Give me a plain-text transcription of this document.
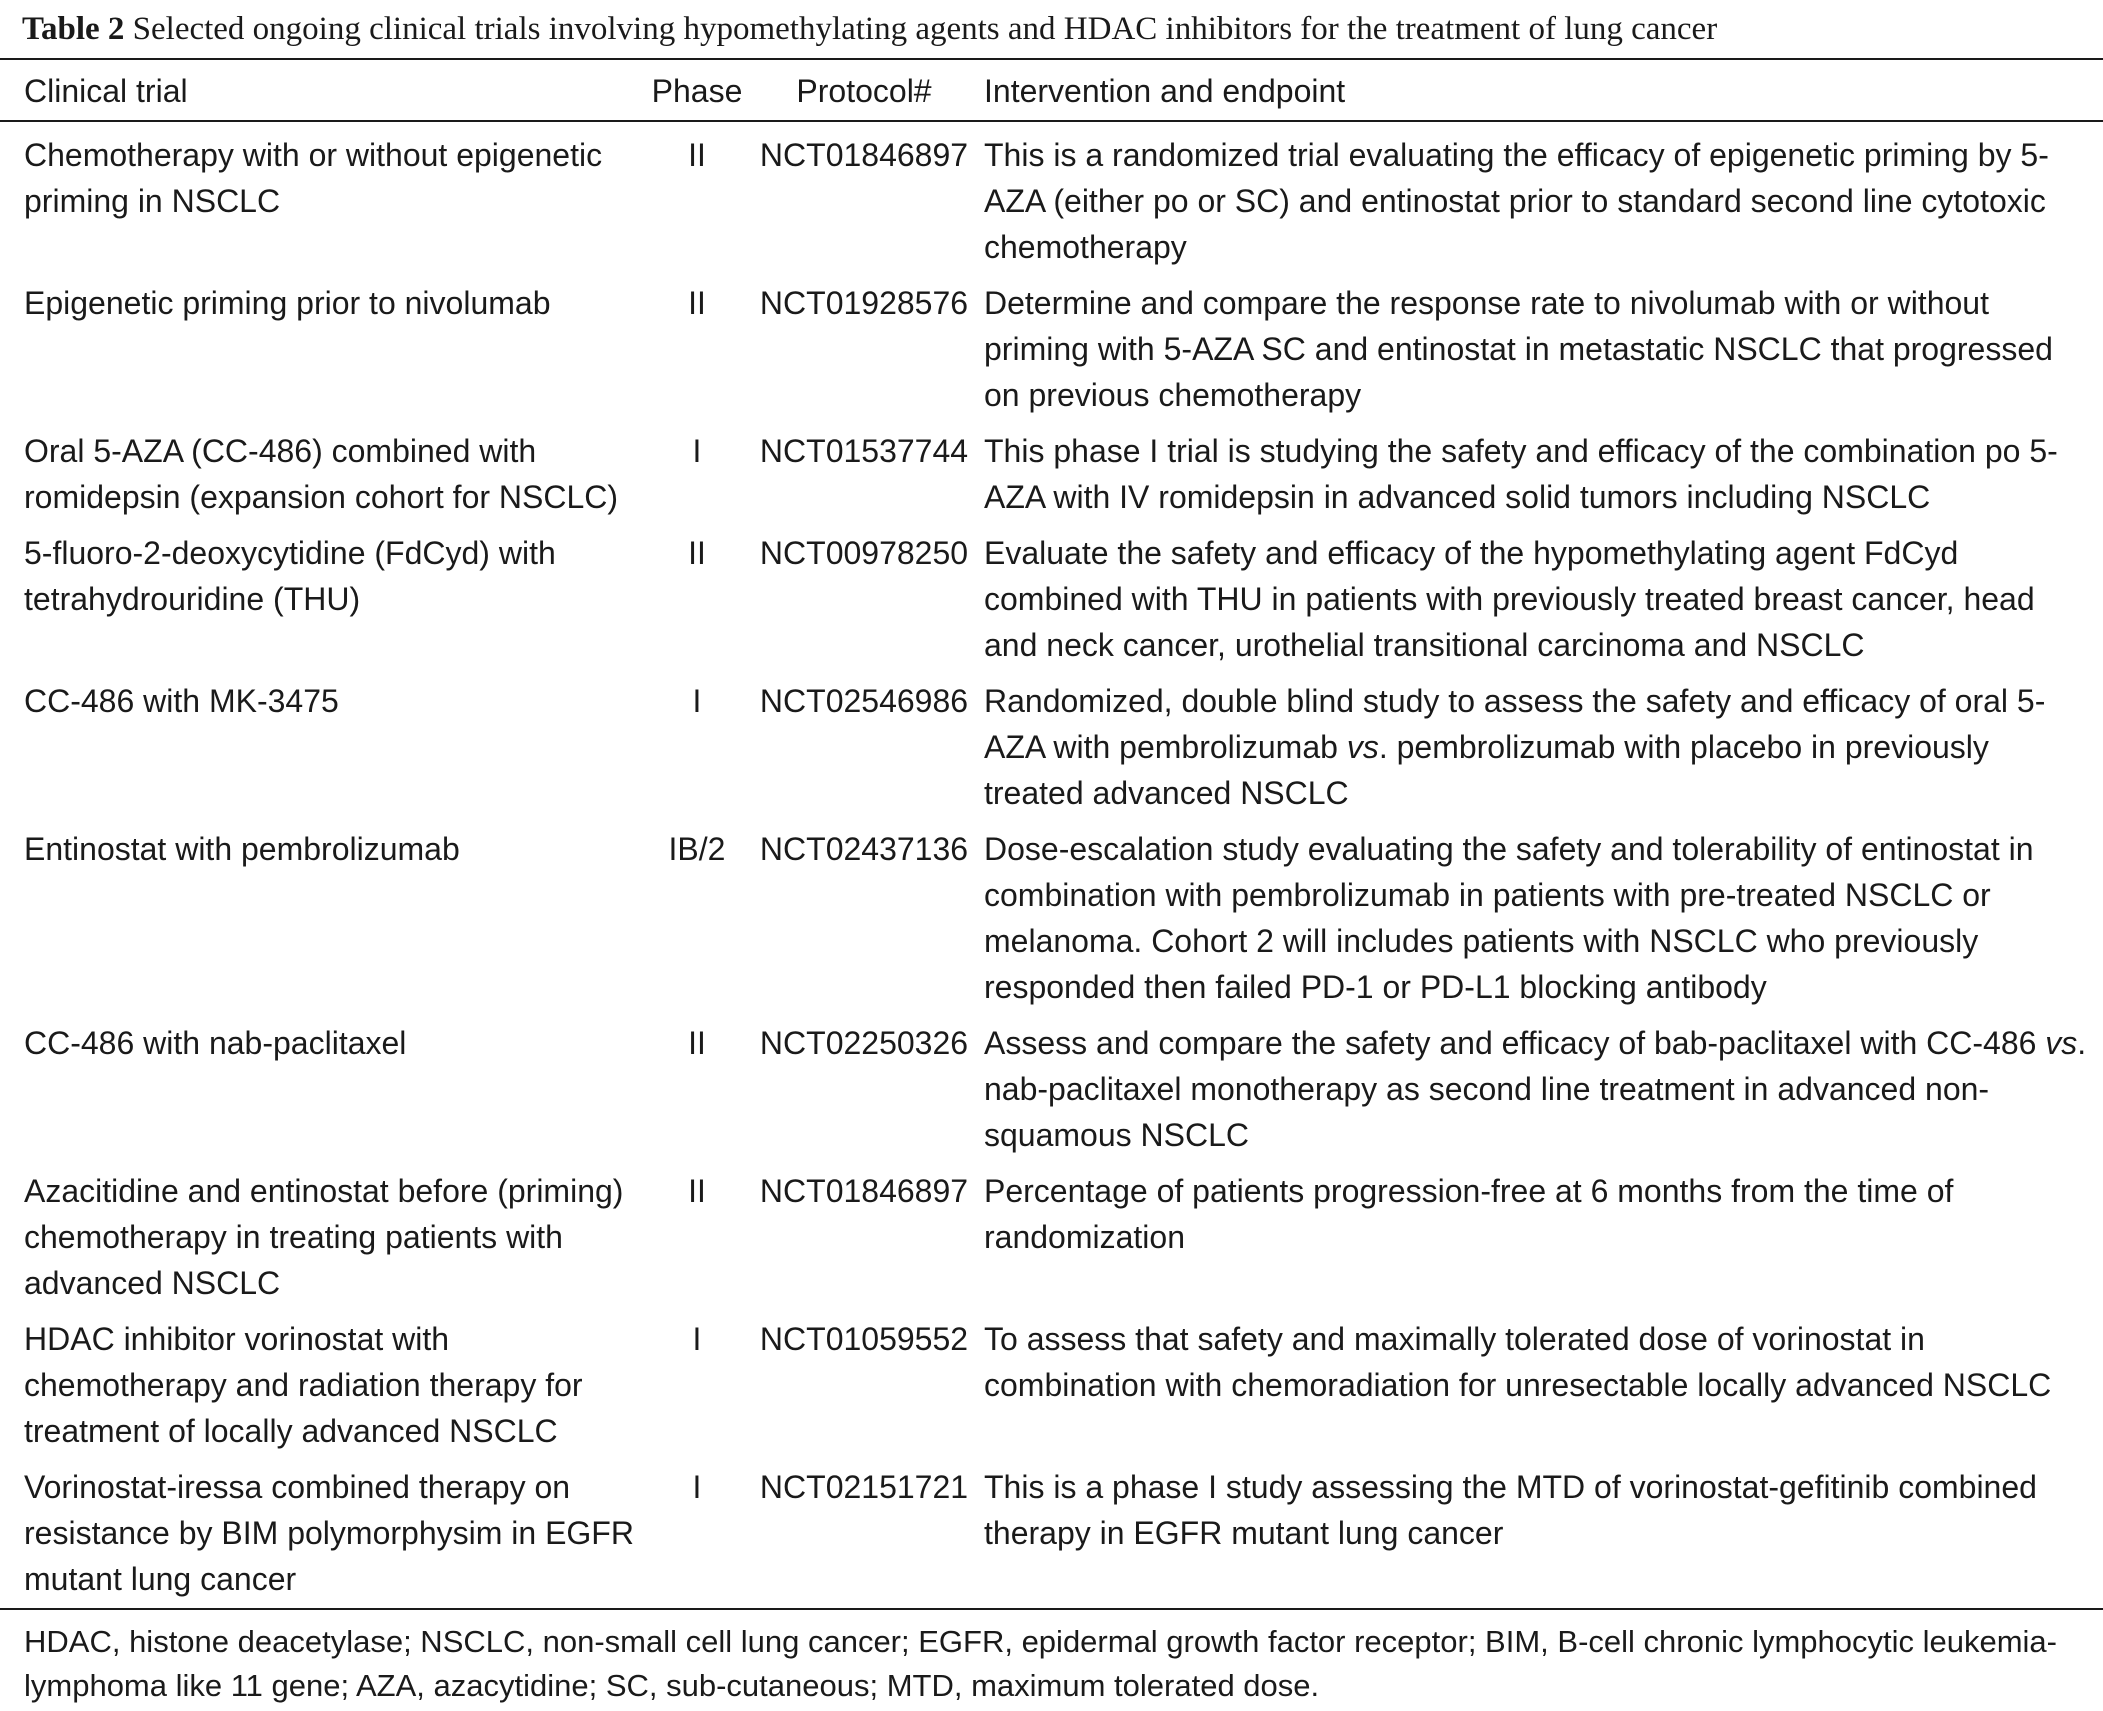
Table 2 Selected ongoing clinical trials involving hypomethylating agents and HDAC inhibitors for the treatment of lung cancer
Clinical trial	Phase	Protocol#	Intervention and endpoint
Chemotherapy with or without epigenetic priming in NSCLC	II	NCT01846897	This is a randomized trial evaluating the efficacy of epigenetic priming by 5-AZA (either po or SC) and entinostat prior to standard second line cytotoxic chemotherapy
Epigenetic priming prior to nivolumab	II	NCT01928576	Determine and compare the response rate to nivolumab with or without priming with 5-AZA SC and entinostat in metastatic NSCLC that progressed on previous chemotherapy
Oral 5-AZA (CC-486) combined with romidepsin (expansion cohort for NSCLC)	I	NCT01537744	This phase I trial is studying the safety and efficacy of the combination po 5-AZA with IV romidepsin in advanced solid tumors including NSCLC
5-fluoro-2-deoxycytidine (FdCyd) with tetrahydrouridine (THU)	II	NCT00978250	Evaluate the safety and efficacy of the hypomethylating agent FdCyd combined with THU in patients with previously treated breast cancer, head and neck cancer, urothelial transitional carcinoma and NSCLC
CC-486 with MK-3475	I	NCT02546986	Randomized, double blind study to assess the safety and efficacy of oral 5-AZA with pembrolizumab vs. pembrolizumab with placebo in previously treated advanced NSCLC
Entinostat with pembrolizumab	IB/2	NCT02437136	Dose-escalation study evaluating the safety and tolerability of entinostat in combination with pembrolizumab in patients with pre-treated NSCLC or melanoma. Cohort 2 will includes patients with NSCLC who previously responded then failed PD-1 or PD-L1 blocking antibody
CC-486 with nab-paclitaxel	II	NCT02250326	Assess and compare the safety and efficacy of bab-paclitaxel with CC-486 vs. nab-paclitaxel monotherapy as second line treatment in advanced non-squamous NSCLC
Azacitidine and entinostat before (priming) chemotherapy in treating patients with advanced NSCLC	II	NCT01846897	Percentage of patients progression-free at 6 months from the time of randomization
HDAC inhibitor vorinostat with chemotherapy and radiation therapy for treatment of locally advanced NSCLC	I	NCT01059552	To assess that safety and maximally tolerated dose of vorinostat in combination with chemoradiation for unresectable locally advanced NSCLC
Vorinostat-iressa combined therapy on resistance by BIM polymorphysim in EGFR mutant lung cancer	I	NCT02151721	This is a phase I study assessing the MTD of vorinostat-gefitinib combined therapy in EGFR mutant lung cancer
HDAC, histone deacetylase; NSCLC, non-small cell lung cancer; EGFR, epidermal growth factor receptor; BIM, B-cell chronic lymphocytic leukemia-lymphoma like 11 gene; AZA, azacytidine; SC, sub-cutaneous; MTD, maximum tolerated dose.			
